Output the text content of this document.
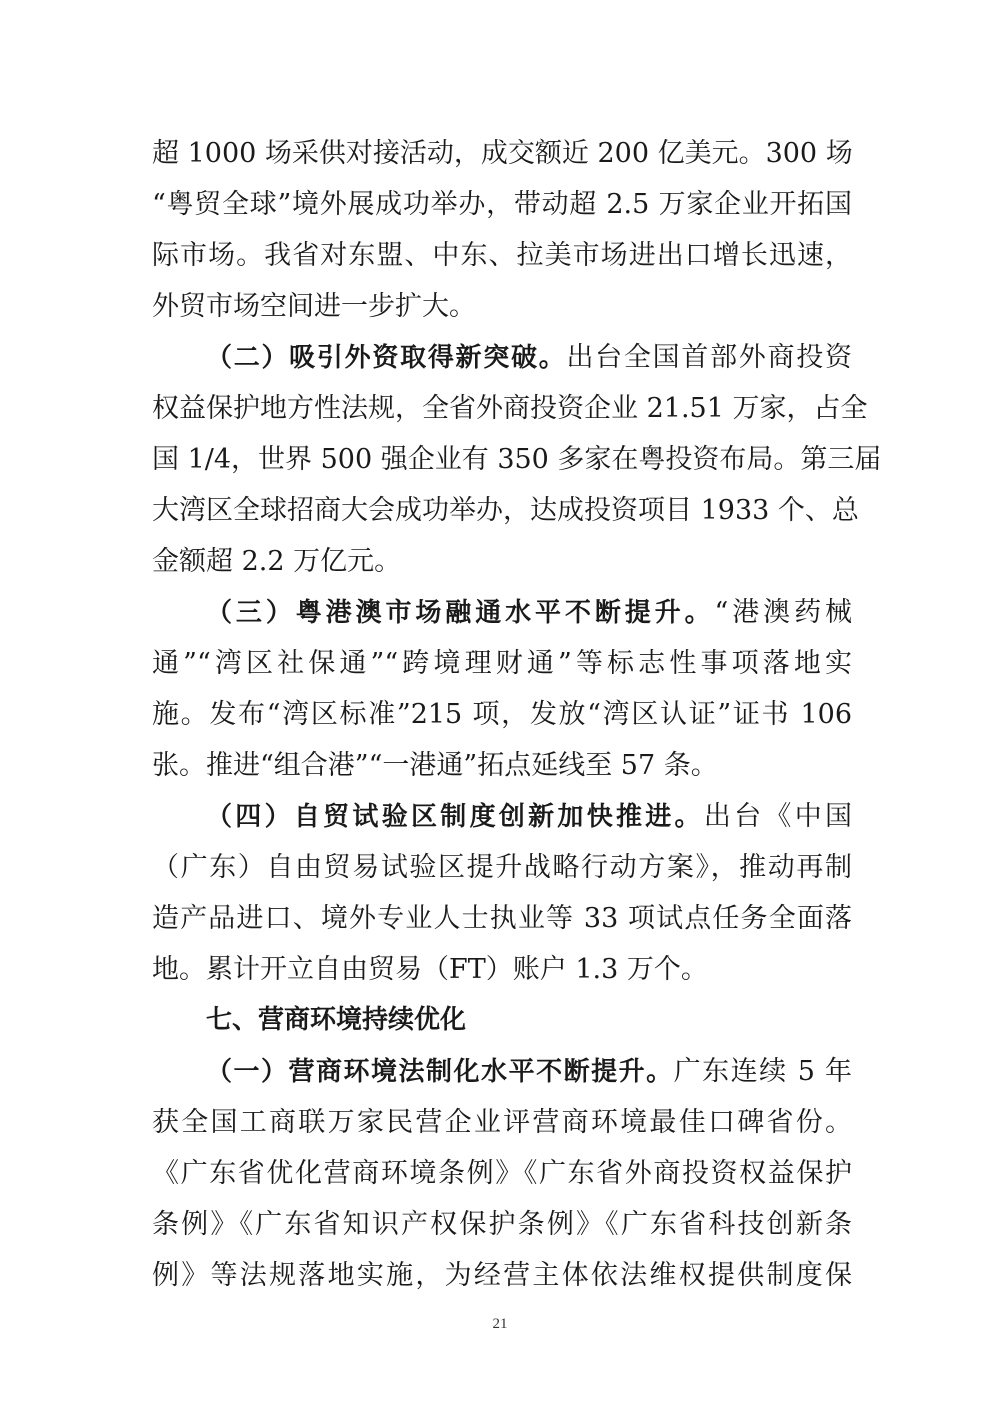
超 1000 场采供对接活动，成交额近 200 亿美元。300 场
“粤贸全球”境外展成功举办，带动超 2.5 万家企业开拓国
际市场。我省对东盟、中东、拉美市场进出口增长迅速，
外贸市场空间进一步扩大。
（二）吸引外资取得新突破。出台全国首部外商投资
权益保护地方性法规，全省外商投资企业 21.51 万家，占全
国 1/4，世界 500 强企业有 350 多家在粤投资布局。第三届
大湾区全球招商大会成功举办，达成投资项目 1933 个、总
金额超 2.2 万亿元。
（三）粤港澳市场融通水平不断提升。“港澳药械
通”“湾区社保通”“跨境理财通”等标志性事项落地实
施。发布“湾区标准”215 项，发放“湾区认证”证书 106
张。推进“组合港”“一港通”拓点延线至 57 条。
（四）自贸试验区制度创新加快推进。出台《中国
（广东）自由贸易试验区提升战略行动方案》，推动再制
造产品进口、境外专业人士执业等 33 项试点任务全面落
地。累计开立自由贸易（FT）账户 1.3 万个。
七、营商环境持续优化
（一）营商环境法制化水平不断提升。广东连续 5 年
获全国工商联万家民营企业评营商环境最佳口碑省份。
《广东省优化营商环境条例》《广东省外商投资权益保护
条例》《广东省知识产权保护条例》《广东省科技创新条
例》等法规落地实施，为经营主体依法维权提供制度保
21
